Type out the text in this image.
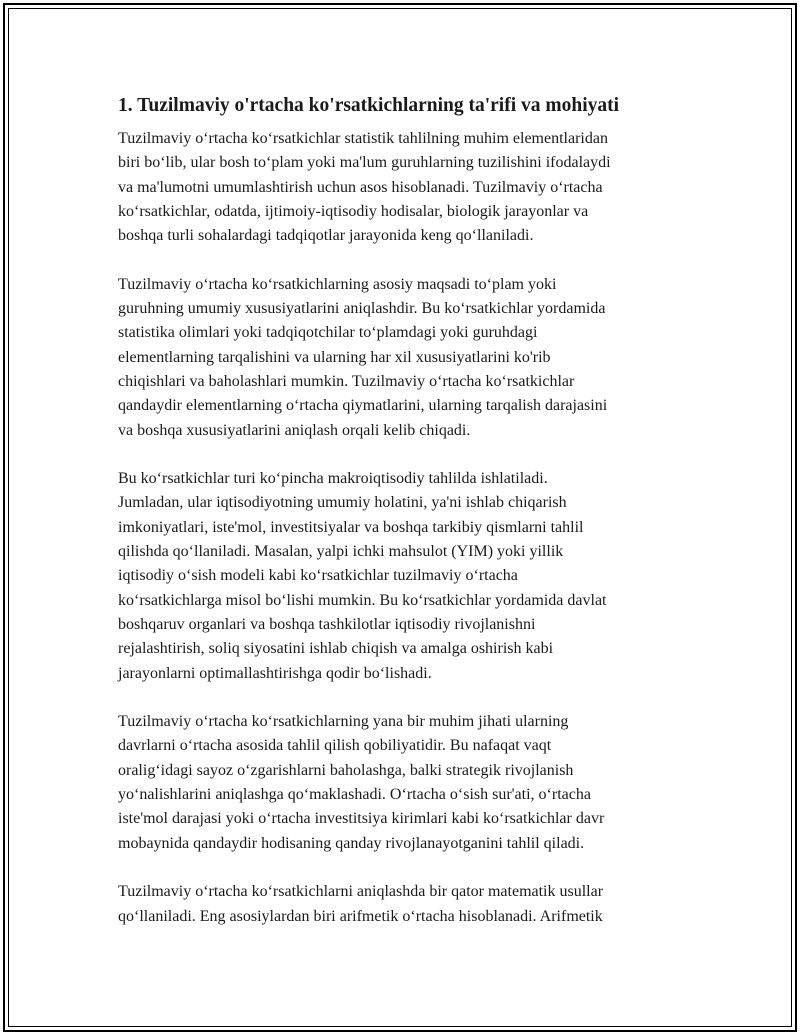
1. Tuzilmaviy o'rtacha ko'rsatkichlarning ta'rifi va mohiyati

Tuzilmaviy o‘rtacha ko‘rsatkichlar statistik tahlilning muhim elementlaridan
biri bo‘lib, ular bosh to‘plam yoki ma'lum guruhlarning tuzilishini ifodalaydi
va ma'lumotni umumlashtirish uchun asos hisoblanadi. Tuzilmaviy o‘rtacha
ko‘rsatkichlar, odatda, ijtimoiy-iqtisodiy hodisalar, biologik jarayonlar va
boshqa turli sohalardagi tadqiqotlar jarayonida keng qo‘llaniladi.

Tuzilmaviy o‘rtacha ko‘rsatkichlarning asosiy maqsadi to‘plam yoki
guruhning umumiy xususiyatlarini aniqlashdir. Bu ko‘rsatkichlar yordamida
statistika olimlari yoki tadqiqotchilar to‘plamdagi yoki guruhdagi
elementlarning tarqalishini va ularning har xil xususiyatlarini ko'rib
chiqishlari va baholashlari mumkin. Tuzilmaviy o‘rtacha ko‘rsatkichlar
qandaydir elementlarning o‘rtacha qiymatlarini, ularning tarqalish darajasini
va boshqa xususiyatlarini aniqlash orqali kelib chiqadi.

Bu ko‘rsatkichlar turi ko‘pincha makroiqtisodiy tahlilda ishlatiladi.
Jumladan, ular iqtisodiyotning umumiy holatini, ya'ni ishlab chiqarish
imkoniyatlari, iste'mol, investitsiyalar va boshqa tarkibiy qismlarni tahlil
qilishda qo‘llaniladi. Masalan, yalpi ichki mahsulot (YIM) yoki yillik
iqtisodiy o‘sish modeli kabi ko‘rsatkichlar tuzilmaviy o‘rtacha
ko‘rsatkichlarga misol bo‘lishi mumkin. Bu ko‘rsatkichlar yordamida davlat
boshqaruv organlari va boshqa tashkilotlar iqtisodiy rivojlanishni
rejalashtirish, soliq siyosatini ishlab chiqish va amalga oshirish kabi
jarayonlarni optimallashtirishga qodir bo‘lishadi.

Tuzilmaviy o‘rtacha ko‘rsatkichlarning yana bir muhim jihati ularning
davrlarni o‘rtacha asosida tahlil qilish qobiliyatidir. Bu nafaqat vaqt
oralig‘idagi sayoz o‘zgarishlarni baholashga, balki strategik rivojlanish
yo‘nalishlarini aniqlashga qo‘maklashadi. O‘rtacha o‘sish sur'ati, o‘rtacha
iste'mol darajasi yoki o‘rtacha investitsiya kirimlari kabi ko‘rsatkichlar davr
mobaynida qandaydir hodisaning qanday rivojlanayotganini tahlil qiladi.

Tuzilmaviy o‘rtacha ko‘rsatkichlarni aniqlashda bir qator matematik usullar
qo‘llaniladi. Eng asosiylardan biri arifmetik o‘rtacha hisoblanadi. Arifmetik
